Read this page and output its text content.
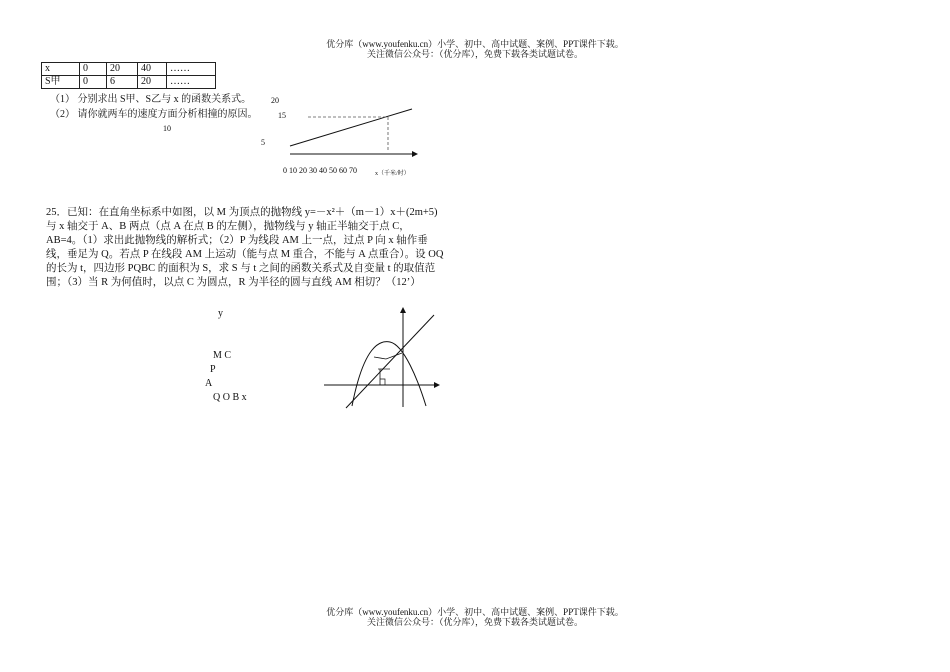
优分库（www.youfenku.cn）小学、初中、高中试题、案例、PPT课件下载。
关注微信公众号：（优分库），免费下载各类试题试卷。
x	0	20	40	……
S甲	0	6	20	……
（1） 分别求出 S甲、S乙与 x 的函数关系式。
（2） 请你就两车的速度方面分析相撞的原因。
20
15
10
5
0 10 20 30 40 50 60 70	x（千米/时）

25．已知：在直角坐标系中如图，以 M 为顶点的抛物线 y=－x²＋（m－1）x＋(2m+5)与 x 轴交于 A、B 两点（点 A 在点 B 的左侧），抛物线与 y 轴正半轴交于点 C，AB=4。（1）求出此抛物线的解析式；（2）P 为线段 AM 上一点，过点 P 向 x 轴作垂线，垂足为 Q。若点 P 在线段 AM 上运动（能与点 M 重合，不能与 A 点重合）。设 OQ 的长为 t，四边形 PQBC 的面积为 S，求 S 与 t 之间的函数关系式及自变量 t 的取值范围；（3）当 R 为何值时，以点 C 为圆点，R 为半径的圆与直线 AM 相切？（12’）

y
M C
P
A
Q O B x
优分库（www.youfenku.cn）小学、初中、高中试题、案例、PPT课件下载。
关注微信公众号：（优分库），免费下载各类试题试卷。
